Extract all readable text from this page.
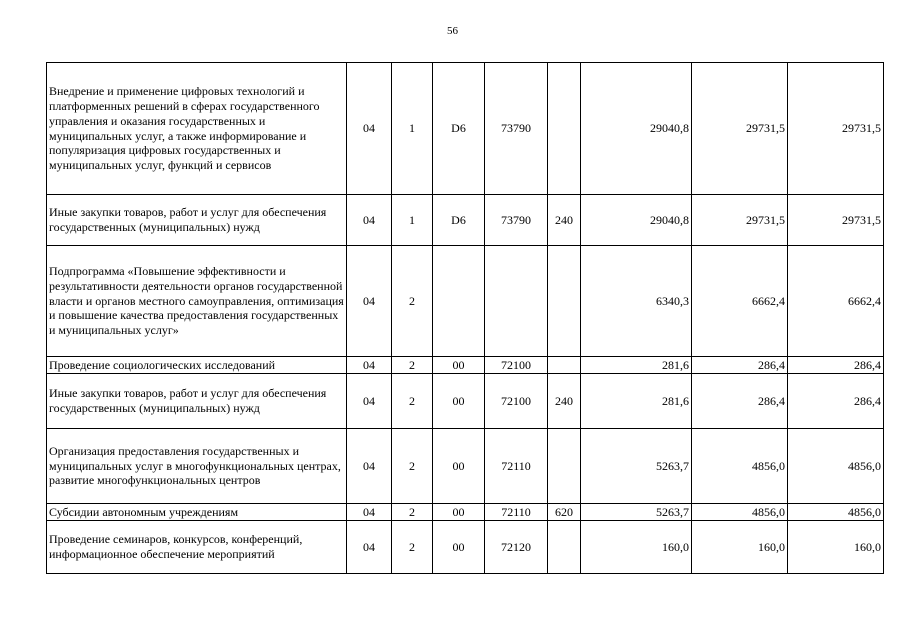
56
Внедрение и применение цифровых технологий и платформенных решений в сферах государственного управления и оказания государственных и муниципальных услуг, а также информирование и популяризация цифровых государственных и муниципальных услуг, функций и сервисов	04	1	D6	73790		29040,8	29731,5	29731,5
Иные закупки товаров, работ и услуг для обеспечения государственных (муниципальных) нужд	04	1	D6	73790	240	29040,8	29731,5	29731,5
Подпрограмма «Повышение эффективности и результативности деятельности органов государственной власти и органов местного самоуправления, оптимизация и повышение качества предоставления государственных и муниципальных услуг»	04	2				6340,3	6662,4	6662,4
Проведение социологических исследований	04	2	00	72100		281,6	286,4	286,4
Иные закупки товаров, работ и услуг для обеспечения государственных (муниципальных) нужд	04	2	00	72100	240	281,6	286,4	286,4
Организация предоставления государственных и муниципальных услуг в многофункциональных центрах, развитие многофункциональных центров	04	2	00	72110		5263,7	4856,0	4856,0
Субсидии автономным учреждениям	04	2	00	72110	620	5263,7	4856,0	4856,0
Проведение семинаров, конкурсов, конференций, информационное обеспечение мероприятий	04	2	00	72120		160,0	160,0	160,0
